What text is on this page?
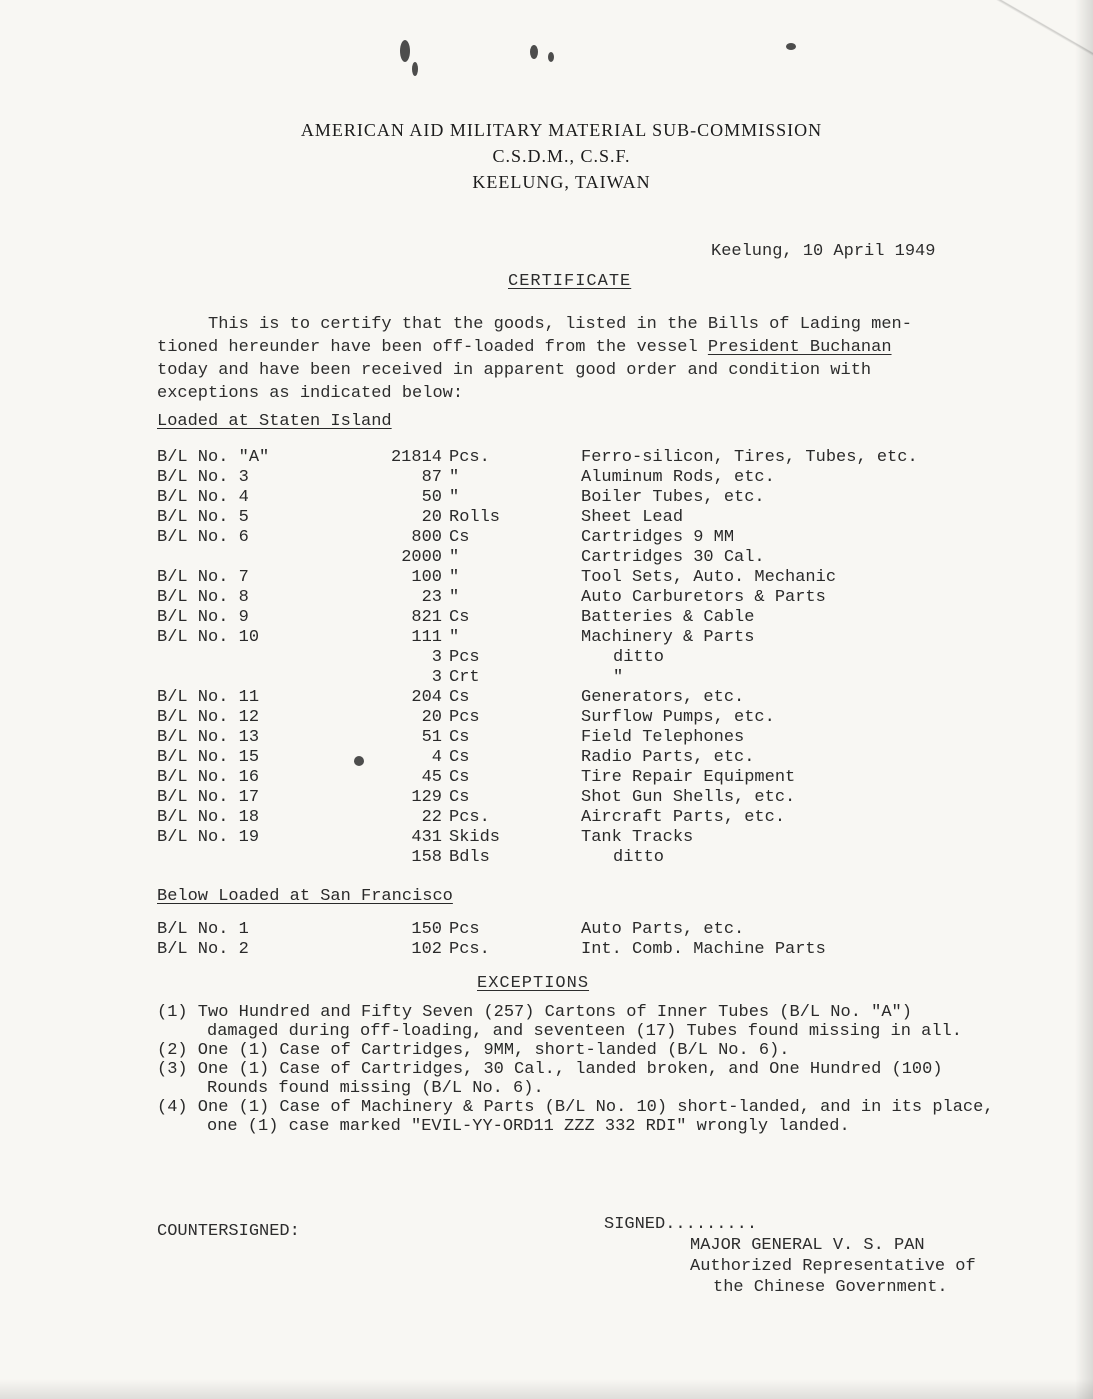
AMERICAN AID MILITARY MATERIAL SUB-COMMISSION
C.S.D.M., C.S.F.
KEELUNG, TAIWAN
Keelung, 10 April 1949
CERTIFICATE
This is to certify that the goods, listed in the Bills of Lading men-
tioned hereunder have been off-loaded from the vessel President Buchanan
today and have been received in apparent good order and condition with
exceptions as indicated below:
Loaded at Staten Island
B/L No. "A"	21814 Pcs.	Ferro-silicon, Tires, Tubes, etc.
B/L No. 3	87 "	Aluminum Rods, etc.
B/L No. 4	50 "	Boiler Tubes, etc.
B/L No. 5	20 Rolls	Sheet Lead
B/L No. 6	800 Cs	Cartridges 9 MM
2000 "	Cartridges 30 Cal.
B/L No. 7	100 "	Tool Sets, Auto. Mechanic
B/L No. 8	23 "	Auto Carburetors & Parts
B/L No. 9	821 Cs	Batteries & Cable
B/L No. 10	111 "	Machinery & Parts
3 Pcs	ditto
3 Crt	"
B/L No. 11	204 Cs	Generators, etc.
B/L No. 12	20 Pcs	Surflow Pumps, etc.
B/L No. 13	51 Cs	Field Telephones
B/L No. 15	4 Cs	Radio Parts, etc.
B/L No. 16	45 Cs	Tire Repair Equipment
B/L No. 17	129 Cs	Shot Gun Shells, etc.
B/L No. 18	22 Pcs.	Aircraft Parts, etc.
B/L No. 19	431 Skids	Tank Tracks
158 Bdls	ditto
Below Loaded at San Francisco
B/L No. 1	150 Pcs	Auto Parts, etc.
B/L No. 2	102 Pcs.	Int. Comb. Machine Parts
EXCEPTIONS
(1) Two Hundred and Fifty Seven (257) Cartons of Inner Tubes (B/L No. "A")
damaged during off-loading, and seventeen (17) Tubes found missing in all.
(2) One (1) Case of Cartridges, 9MM, short-landed (B/L No. 6).
(3) One (1) Case of Cartridges, 30 Cal., landed broken, and One Hundred (100)
Rounds found missing (B/L No. 6).
(4) One (1) Case of Machinery & Parts (B/L No. 10) short-landed, and in its place,
one (1) case marked "EVIL-YY-ORD11 ZZZ 332 RDI" wrongly landed.
COUNTERSIGNED:	SIGNED.........
MAJOR GENERAL V. S. PAN
Authorized Representative of
the Chinese Government.
